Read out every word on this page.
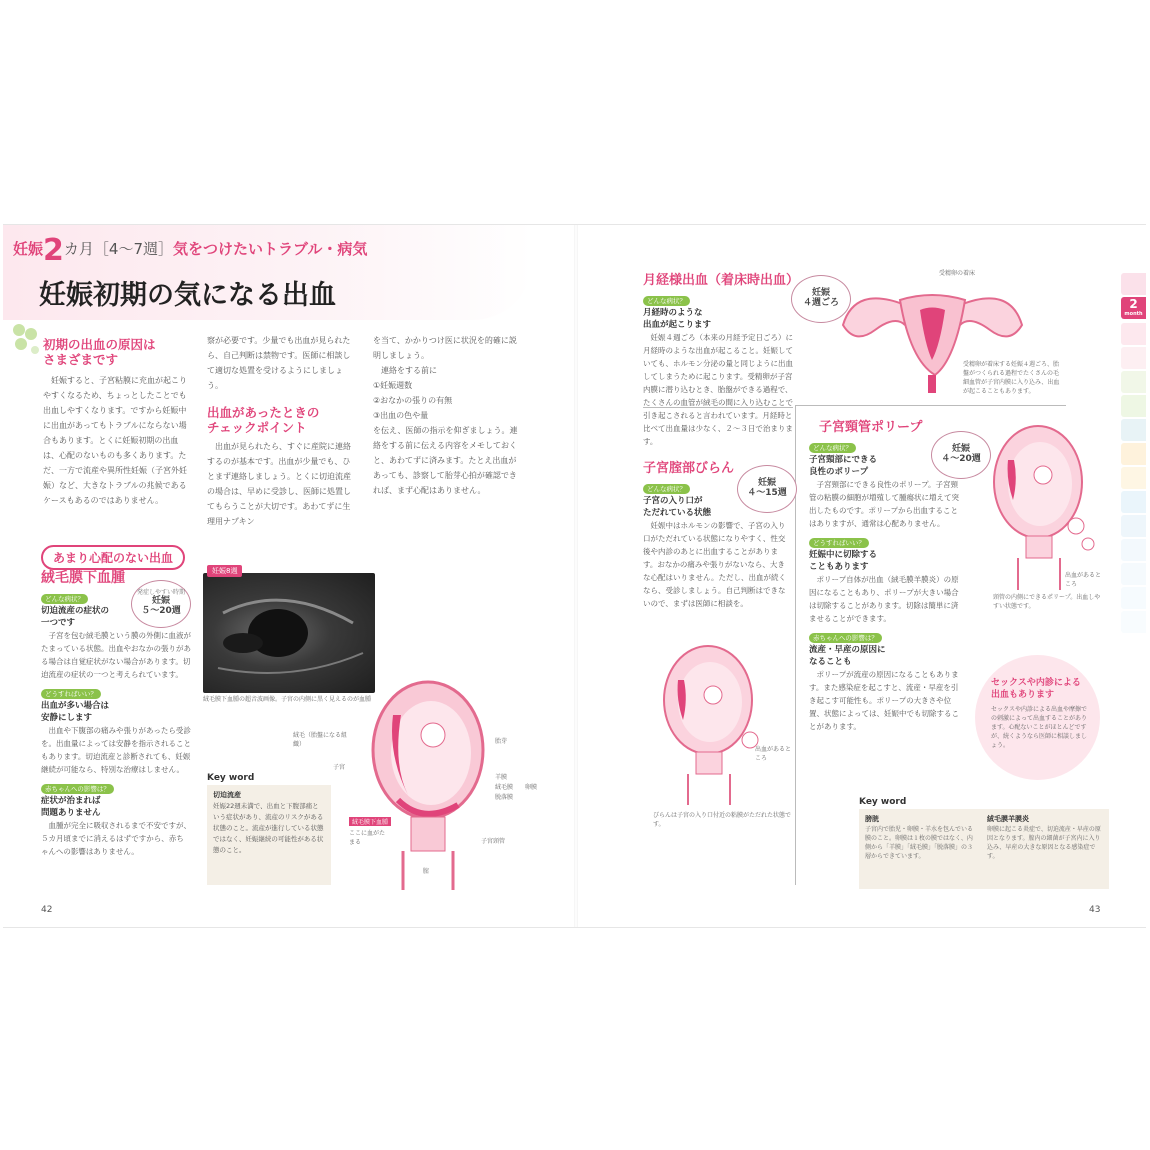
妊娠2カ月［4～7週］気をつけたいトラブル・病気
妊娠初期の気になる出血
初期の出血の原因は
さまざまです
妊娠すると、子宮粘膜に充血が起こりやすくなるため、ちょっとしたことでも出血しやすくなります。ですから妊娠中に出血があってもトラブルにならない場合もあります。とくに妊娠初期の出血は、心配のないものも多くあります。ただ、一方で流産や異所性妊娠（子宮外妊娠）など、大きなトラブルの兆候であるケースもあるのではありません。
察が必要です。少量でも出血が見られたら、自己判断は禁物です。医師に相談して適切な処置を受けるようにしましょう。
出血があったときの
チェックポイント
出血が見られたら、すぐに産院に連絡するのが基本です。出血が少量でも、ひとまず連絡しましょう。とくに切迫流産の場合は、早めに受診し、医師に処置してもらうことが大切です。あわてずに生理用ナプキン
を当て、かかりつけ医に状況を的確に説明しましょう。
連絡をする前に
①妊娠週数
②おなかの張りの有無
③出血の色や量
を伝え、医師の指示を仰ぎましょう。連絡をする前に伝える内容をメモしておくと、あわてずに済みます。たとえ出血があっても、診察して胎芽心拍が確認できれば、まず心配はありません。
あまり心配のない出血
絨毛膜下血腫
どんな病状？
切迫流産の症状の
一つです
子宮を包む絨毛膜という膜の外側に血液がたまっている状態。出血やおなかの張りがある場合は自覚症状がない場合があります。切迫流産の症状の一つと考えられています。
どうすればいい？
出血が多い場合は
安静にします
出血や下腹部の痛みや張りがあったら受診を。出血量によっては安静を指示されることもあります。切迫流産と診断されても、妊娠継続が可能なら、特別な治療はしません。
赤ちゃんへの影響は？
症状が治まれば
問題ありません
血腫が完全に吸収されるまで不安ですが、５カ月頃までに消えるはずですから、赤ちゃんへの影響はありません。
発症しやすい時期
妊娠
５～20週
妊娠8週
絨毛膜下血腫の超音波画像。子宮の内側に黒く見えるのが血腫
Key word
切迫流産
妊娠22週未満で、出血と下腹部痛という症状があり、流産のリスクがある状態のこと。流産が進行している状態ではなく、妊娠継続の可能性がある状態のこと。
絨毛（胎盤になる組織）	胎芽
羊膜
絨毛膜
脱落膜
卵膜
子宮
絨毛膜下血腫
ここに血がたまる	子宮頸管
膣
42
月経様出血（着床時出血）
どんな病状？
月経時のような
出血が起こります
妊娠４週ごろ（本来の月経予定日ごろ）に月経時のような出血が起こること。妊娠していても、ホルモン分泌の量と同じように出血してしまうために起こります。受精卵が子宮内膜に潜り込むとき、胎盤ができる過程で、たくさんの血管が絨毛の間に入り込むことで引き起こされると言われています。月経時と比べて出血量は少なく、２～３日で治まります。
妊娠
４週ごろ
受精卵の着床
受精卵が着床する妊娠４週ごろ、胎盤がつくられる過程でたくさんの毛細血管が子宮内膜に入り込み、出血が起こることもあります。
子宮腟部びらん
どんな病状？
子宮の入り口が
ただれている状態
妊娠中はホルモンの影響で、子宮の入り口がただれている状態になりやすく、性交後や内診のあとに出血することがあります。おなかの痛みや張りがないなら、大きな心配はいりません。ただし、出血が続くなら、受診しましょう。自己判断はできないので、まずは医師に相談を。
妊娠
４～15週
出血があるところ
びらんは子宮の入り口付近の粘膜がただれた状態です。
子宮頸管ポリープ
どんな病状？
子宮頸部にできる
良性のポリープ
子宮頸部にできる良性のポリープ。子宮頸管の粘膜の細胞が増殖して腫瘍状に増えて突出したものです。ポリープから出血することはありますが、通常は心配ありません。
どうすればいい？
妊娠中に切除する
こともあります
ポリープ自体が出血（絨毛膜羊膜炎）の原因になることもあり、ポリープが大きい場合は切除することがあります。切除は簡単に済ませることができます。
赤ちゃんへの影響は？
流産・早産の原因に
なることも
ポリープが流産の原因になることもあります。また感染症を起こすと、流産・早産を引き起こす可能性も。ポリープの大きさや位置、状態によっては、妊娠中でも切除することがあります。
妊娠
４～20週
出血があるところ
頸管の内側にできるポリープ。出血しやすい状態です。
セックスや内診による
出血もあります
セックスや内診による出血や摩擦での刺激によって出血することがあります。心配ないことがほとんどですが、続くようなら医師に相談しましょう。
Key word
膀胱
子宮内で胎児・卵膜・羊水を包んでいる膜のこと。卵膜は１枚の膜ではなく、内側から「羊膜」「絨毛膜」「脱落膜」の３層からできています。
絨毛膜羊膜炎
卵膜に起こる炎症で、切迫流産・早産の原因となります。膣内の細菌が子宮内に入り込み、早産の大きな原因となる感染症です。
2
month
43
